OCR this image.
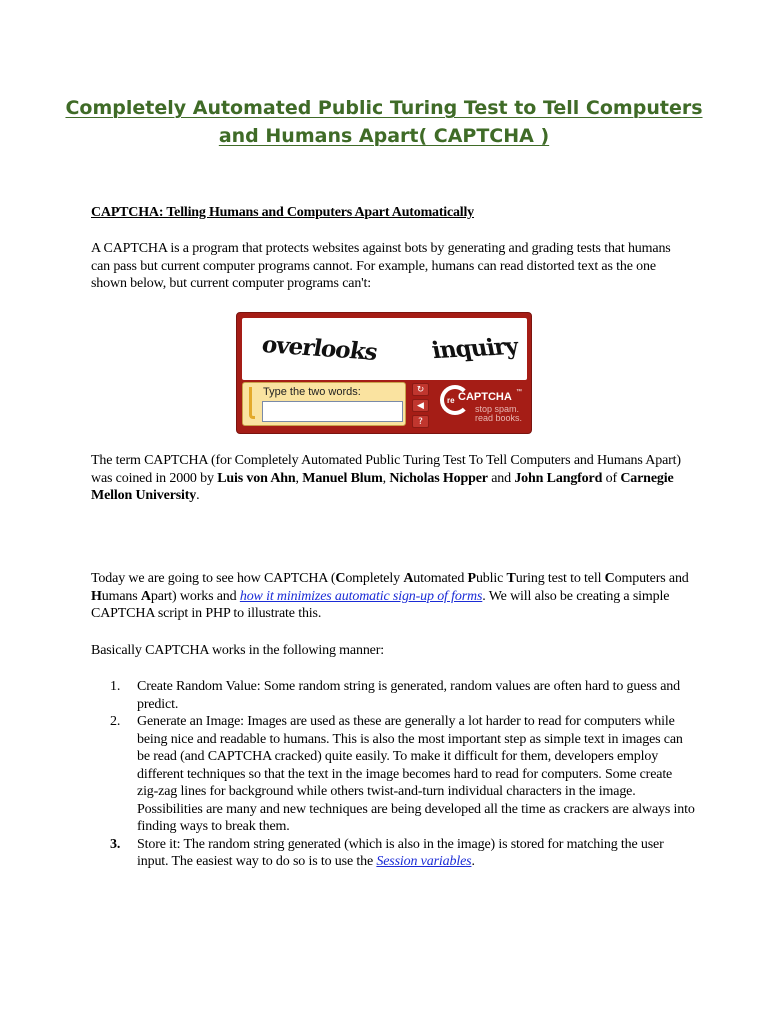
Completely Automated Public Turing Test to Tell Computers
and Humans Apart( CAPTCHA )
CAPTCHA: Telling Humans and Computers Apart Automatically
A CAPTCHA is a program that protects websites against bots by generating and grading tests that humans can pass but current computer programs cannot. For example, humans can read distorted text as the one shown below, but current computer programs can't:
overlooks inquiry
Type the two words:	↻
◀
?
re CAPTCHA ™
stop spam.
read books.
The term CAPTCHA (for Completely Automated Public Turing Test To Tell Computers and Humans Apart) was coined in 2000 by Luis von Ahn, Manuel Blum, Nicholas Hopper and John Langford of Carnegie Mellon University.
Today we are going to see how CAPTCHA (Completely Automated Public Turing test to tell Computers and Humans Apart) works and how it minimizes automatic sign-up of forms. We will also be creating a simple CAPTCHA script in PHP to illustrate this.
Basically CAPTCHA works in the following manner:
1. Create Random Value: Some random string is generated, random values are often hard to guess and predict.
2. Generate an Image: Images are used as these are generally a lot harder to read for computers while being nice and readable to humans. This is also the most important step as simple text in images can be read (and CAPTCHA cracked) quite easily. To make it difficult for them, developers employ different techniques so that the text in the image becomes hard to read for computers. Some create zig-zag lines for background while others twist-and-turn individual characters in the image. Possibilities are many and new techniques are being developed all the time as crackers are always into finding ways to break them.
3. Store it: The random string generated (which is also in the image) is stored for matching the user input. The easiest way to do so is to use the Session variables.
